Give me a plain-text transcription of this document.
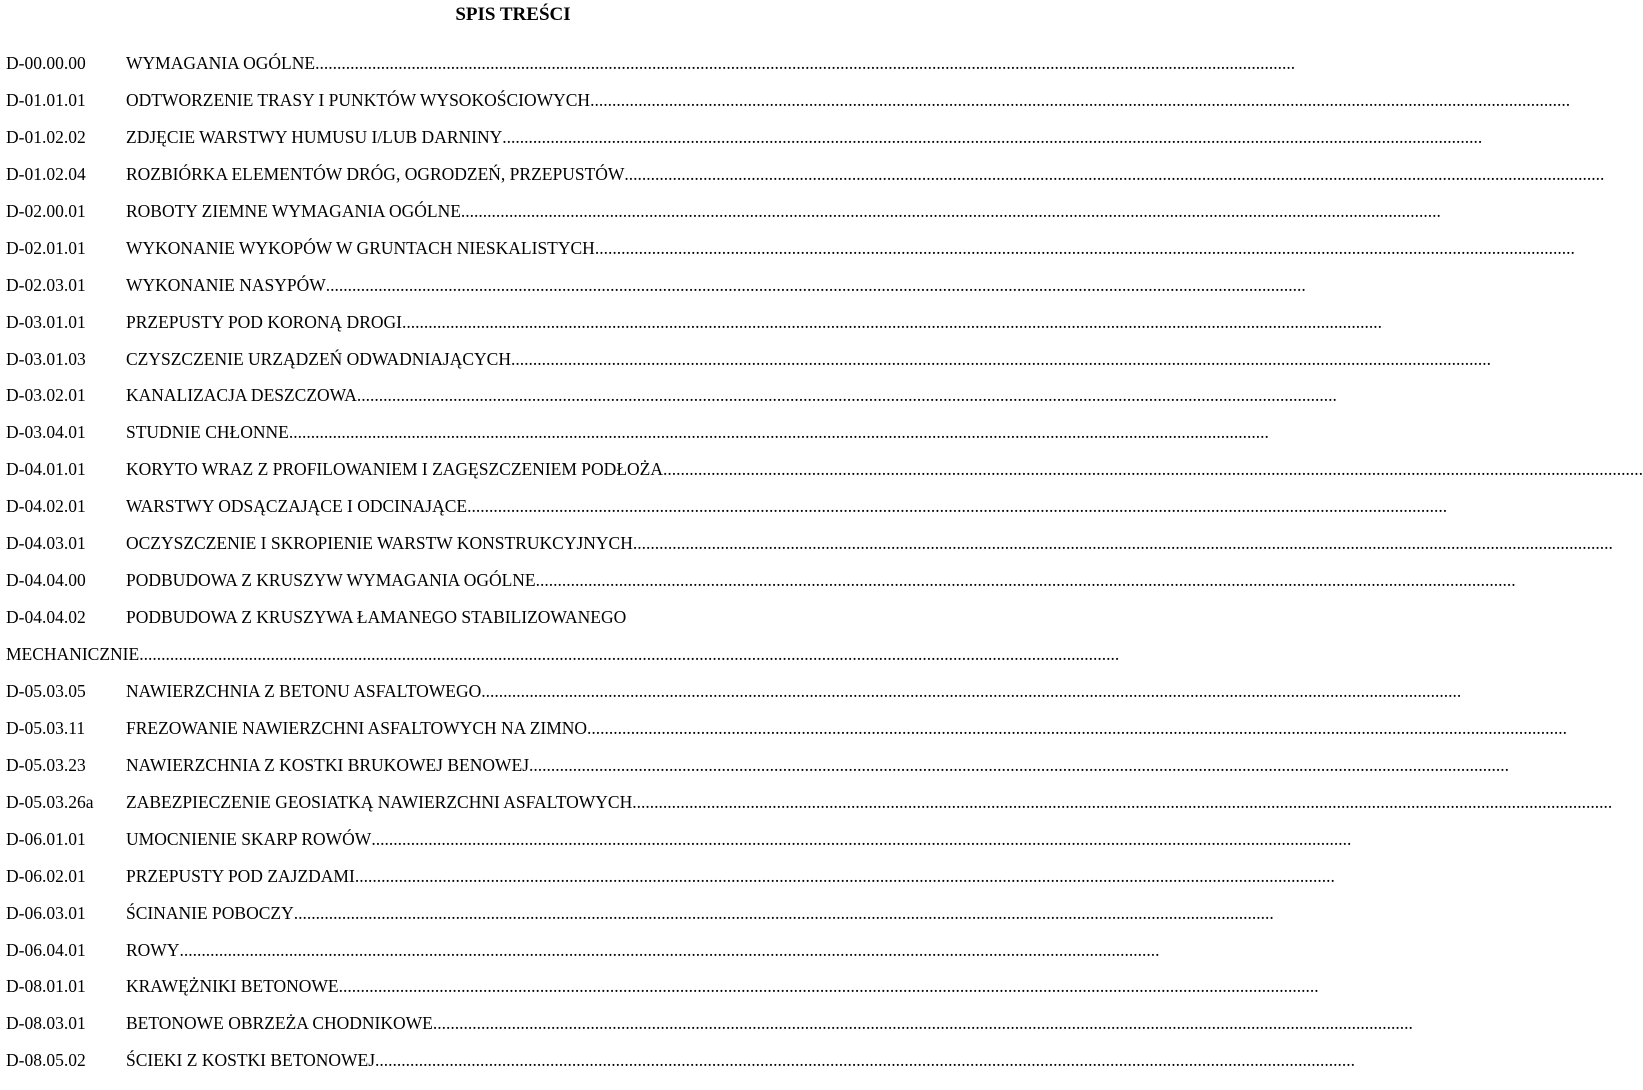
SPIS TREŚCI
D-00.00.00	WYMAGANIA OGÓLNE ................................................................................................................................................................................................................................
D-01.01.01	ODTWORZENIE TRASY I PUNKTÓW WYSOKOŚCIOWYCH ................................................................................................................................................................................................................................
D-01.02.02	ZDJĘCIE WARSTWY HUMUSU I/LUB DARNINY ................................................................................................................................................................................................................................
D-01.02.04	ROZBIÓRKA ELEMENTÓW DRÓG, OGRODZEŃ, PRZEPUSTÓW ................................................................................................................................................................................................................................
D-02.00.01	ROBOTY ZIEMNE WYMAGANIA OGÓLNE ................................................................................................................................................................................................................................
D-02.01.01	WYKONANIE WYKOPÓW W GRUNTACH NIESKALISTYCH ................................................................................................................................................................................................................................
D-02.03.01	WYKONANIE NASYPÓW ................................................................................................................................................................................................................................
D-03.01.01	PRZEPUSTY POD KORONĄ DROGI ................................................................................................................................................................................................................................
D-03.01.03	CZYSZCZENIE URZĄDZEŃ ODWADNIAJĄCYCH ................................................................................................................................................................................................................................
D-03.02.01	KANALIZACJA DESZCZOWA ................................................................................................................................................................................................................................
D-03.04.01	STUDNIE CHŁONNE ................................................................................................................................................................................................................................
D-04.01.01	KORYTO WRAZ Z PROFILOWANIEM I ZAGĘSZCZENIEM PODŁOŻA ................................................................................................................................................................................................................................
D-04.02.01	WARSTWY ODSĄCZAJĄCE I ODCINAJĄCE ................................................................................................................................................................................................................................
D-04.03.01	OCZYSZCZENIE I SKROPIENIE WARSTW KONSTRUKCYJNYCH ................................................................................................................................................................................................................................
D-04.04.00	PODBUDOWA Z KRUSZYW WYMAGANIA OGÓLNE ................................................................................................................................................................................................................................
D-04.04.02	PODBUDOWA Z KRUSZYWA ŁAMANEGO STABILIZOWANEGO
MECHANICZNIE ................................................................................................................................................................................................................................
D-05.03.05	NAWIERZCHNIA Z BETONU ASFALTOWEGO ................................................................................................................................................................................................................................
D-05.03.11	FREZOWANIE NAWIERZCHNI ASFALTOWYCH NA ZIMNO ................................................................................................................................................................................................................................
D-05.03.23	NAWIERZCHNIA Z KOSTKI BRUKOWEJ BENOWEJ ................................................................................................................................................................................................................................
D-05.03.26a	ZABEZPIECZENIE GEOSIATKĄ NAWIERZCHNI ASFALTOWYCH ................................................................................................................................................................................................................................
D-06.01.01	UMOCNIENIE SKARP ROWÓW ................................................................................................................................................................................................................................
D-06.02.01	PRZEPUSTY POD ZAJZDAMI ................................................................................................................................................................................................................................
D-06.03.01	ŚCINANIE POBOCZY ................................................................................................................................................................................................................................
D-06.04.01	ROWY ................................................................................................................................................................................................................................
D-08.01.01	KRAWĘŻNIKI BETONOWE ................................................................................................................................................................................................................................
D-08.03.01	BETONOWE OBRZEŻA CHODNIKOWE ................................................................................................................................................................................................................................
D-08.05.02	ŚCIEKI Z KOSTKI BETONOWEJ ................................................................................................................................................................................................................................
